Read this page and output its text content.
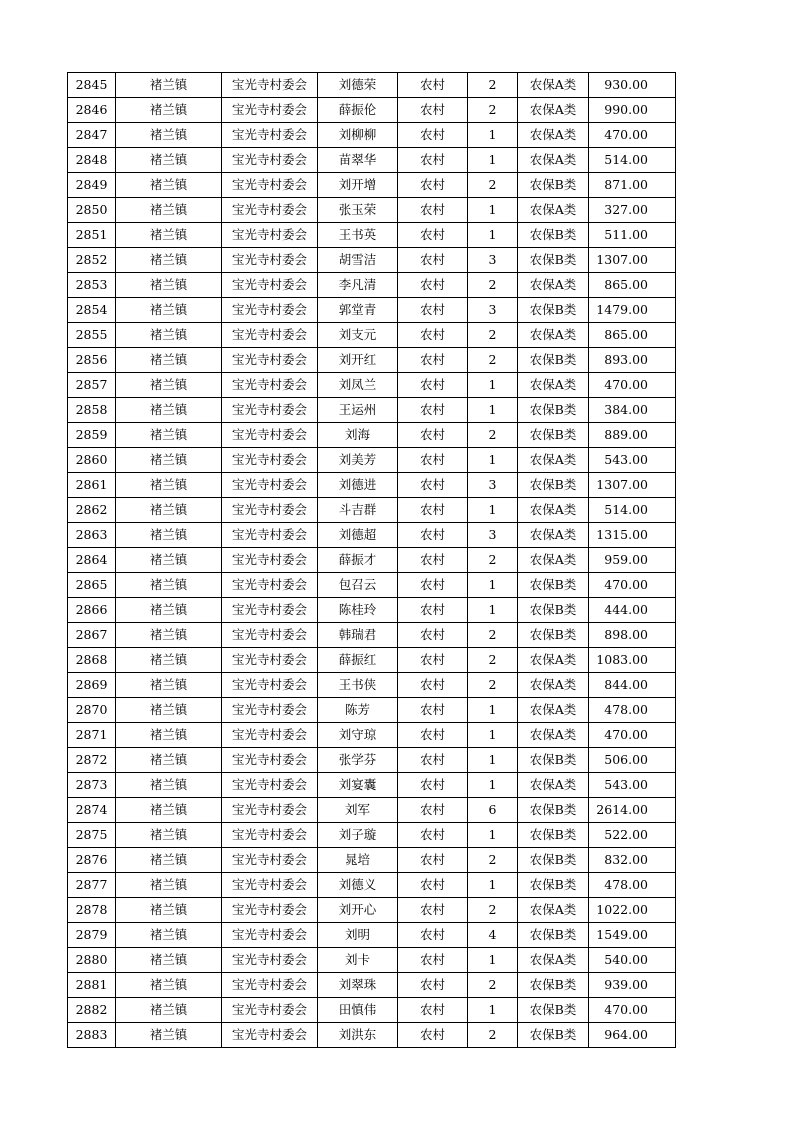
2845	褚兰镇	宝光寺村委会	刘德荣	农村	2	农保A类	930.00
2846	褚兰镇	宝光寺村委会	薛振伦	农村	2	农保A类	990.00
2847	褚兰镇	宝光寺村委会	刘柳柳	农村	1	农保A类	470.00
2848	褚兰镇	宝光寺村委会	苗翠华	农村	1	农保A类	514.00
2849	褚兰镇	宝光寺村委会	刘开增	农村	2	农保B类	871.00
2850	褚兰镇	宝光寺村委会	张玉荣	农村	1	农保A类	327.00
2851	褚兰镇	宝光寺村委会	王书英	农村	1	农保B类	511.00
2852	褚兰镇	宝光寺村委会	胡雪洁	农村	3	农保B类	1307.00
2853	褚兰镇	宝光寺村委会	李凡清	农村	2	农保A类	865.00
2854	褚兰镇	宝光寺村委会	郭堂青	农村	3	农保B类	1479.00
2855	褚兰镇	宝光寺村委会	刘支元	农村	2	农保A类	865.00
2856	褚兰镇	宝光寺村委会	刘开红	农村	2	农保B类	893.00
2857	褚兰镇	宝光寺村委会	刘凤兰	农村	1	农保A类	470.00
2858	褚兰镇	宝光寺村委会	王运州	农村	1	农保B类	384.00
2859	褚兰镇	宝光寺村委会	刘海	农村	2	农保B类	889.00
2860	褚兰镇	宝光寺村委会	刘美芳	农村	1	农保A类	543.00
2861	褚兰镇	宝光寺村委会	刘德进	农村	3	农保B类	1307.00
2862	褚兰镇	宝光寺村委会	斗吉群	农村	1	农保A类	514.00
2863	褚兰镇	宝光寺村委会	刘德超	农村	3	农保A类	1315.00
2864	褚兰镇	宝光寺村委会	薛振才	农村	2	农保A类	959.00
2865	褚兰镇	宝光寺村委会	包召云	农村	1	农保B类	470.00
2866	褚兰镇	宝光寺村委会	陈桂玲	农村	1	农保B类	444.00
2867	褚兰镇	宝光寺村委会	韩瑞君	农村	2	农保B类	898.00
2868	褚兰镇	宝光寺村委会	薛振红	农村	2	农保A类	1083.00
2869	褚兰镇	宝光寺村委会	王书侠	农村	2	农保A类	844.00
2870	褚兰镇	宝光寺村委会	陈芳	农村	1	农保A类	478.00
2871	褚兰镇	宝光寺村委会	刘守琼	农村	1	农保A类	470.00
2872	褚兰镇	宝光寺村委会	张学芬	农村	1	农保B类	506.00
2873	褚兰镇	宝光寺村委会	刘宴囊	农村	1	农保A类	543.00
2874	褚兰镇	宝光寺村委会	刘军	农村	6	农保B类	2614.00
2875	褚兰镇	宝光寺村委会	刘子璇	农村	1	农保B类	522.00
2876	褚兰镇	宝光寺村委会	晁培	农村	2	农保B类	832.00
2877	褚兰镇	宝光寺村委会	刘德义	农村	1	农保B类	478.00
2878	褚兰镇	宝光寺村委会	刘开心	农村	2	农保A类	1022.00
2879	褚兰镇	宝光寺村委会	刘明	农村	4	农保B类	1549.00
2880	褚兰镇	宝光寺村委会	刘卡	农村	1	农保A类	540.00
2881	褚兰镇	宝光寺村委会	刘翠珠	农村	2	农保B类	939.00
2882	褚兰镇	宝光寺村委会	田慎伟	农村	1	农保B类	470.00
2883	褚兰镇	宝光寺村委会	刘洪东	农村	2	农保B类	964.00
